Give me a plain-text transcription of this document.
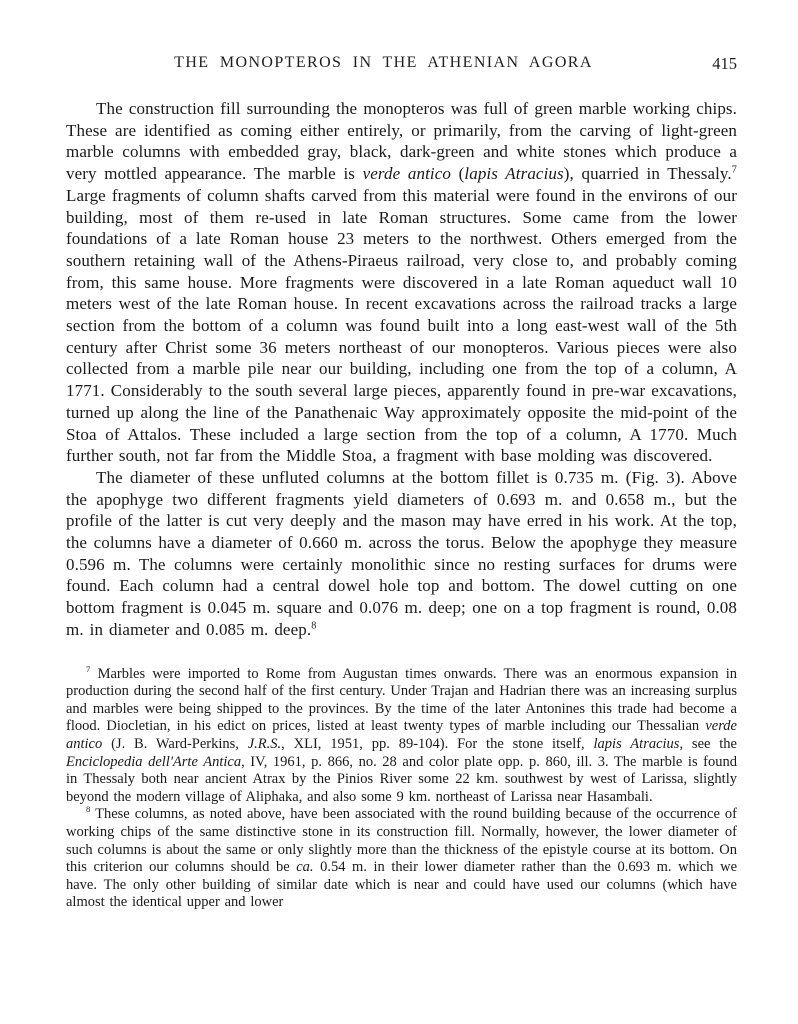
THE MONOPTEROS IN THE ATHENIAN AGORA	415

The construction fill surrounding the monopteros was full of green marble working chips. These are identified as coming either entirely, or primarily, from the carving of light-green marble columns with embedded gray, black, dark-green and white stones which produce a very mottled appearance. The marble is verde antico (lapis Atracius), quarried in Thessaly.$^7$ Large fragments of column shafts carved from this material were found in the environs of our building, most of them re-used in late Roman structures. Some came from the lower foundations of a late Roman house 23 meters to the northwest. Others emerged from the southern retaining wall of the Athens-Piraeus railroad, very close to, and probably coming from, this same house. More fragments were discovered in a late Roman aqueduct wall 10 meters west of the late Roman house. In recent excavations across the railroad tracks a large section from the bottom of a column was found built into a long east-west wall of the 5th century after Christ some 36 meters northeast of our monopteros. Various pieces were also collected from a marble pile near our building, including one from the top of a column, A 1771. Considerably to the south several large pieces, apparently found in pre-war excavations, turned up along the line of the Panathenaic Way approximately opposite the mid-point of the Stoa of Attalos. These included a large section from the top of a column, A 1770. Much further south, not far from the Middle Stoa, a fragment with base molding was discovered.

The diameter of these unfluted columns at the bottom fillet is 0.735 m. (Fig. 3). Above the apophyge two different fragments yield diameters of 0.693 m. and 0.658 m., but the profile of the latter is cut very deeply and the mason may have erred in his work. At the top, the columns have a diameter of 0.660 m. across the torus. Below the apophyge they measure 0.596 m. The columns were certainly monolithic since no resting surfaces for drums were found. Each column had a central dowel hole top and bottom. The dowel cutting on one bottom fragment is 0.045 m. square and 0.076 m. deep; one on a top fragment is round, 0.08 m. in diameter and 0.085 m. deep.$^8$

$^7$ Marbles were imported to Rome from Augustan times onwards. There was an enormous expansion in production during the second half of the first century. Under Trajan and Hadrian there was an increasing surplus and marbles were being shipped to the provinces. By the time of the later Antonines this trade had become a flood. Diocletian, in his edict on prices, listed at least twenty types of marble including our Thessalian verde antico (J. B. Ward-Perkins, J.R.S., XLI, 1951, pp. 89-104). For the stone itself, lapis Atracius, see the Enciclopedia dell'Arte Antica, IV, 1961, p. 866, no. 28 and color plate opp. p. 860, ill. 3. The marble is found in Thessaly both near ancient Atrax by the Pinios River some 22 km. southwest by west of Larissa, slightly beyond the modern village of Aliphaka, and also some 9 km. northeast of Larissa near Hasambali.

$^8$ These columns, as noted above, have been associated with the round building because of the occurrence of working chips of the same distinctive stone in its construction fill. Normally, however, the lower diameter of such columns is about the same or only slightly more than the thickness of the epistyle course at its bottom. On this criterion our columns should be ca. 0.54 m. in their lower diameter rather than the 0.693 m. which we have. The only other building of similar date which is near and could have used our columns (which have almost the identical upper and lower
